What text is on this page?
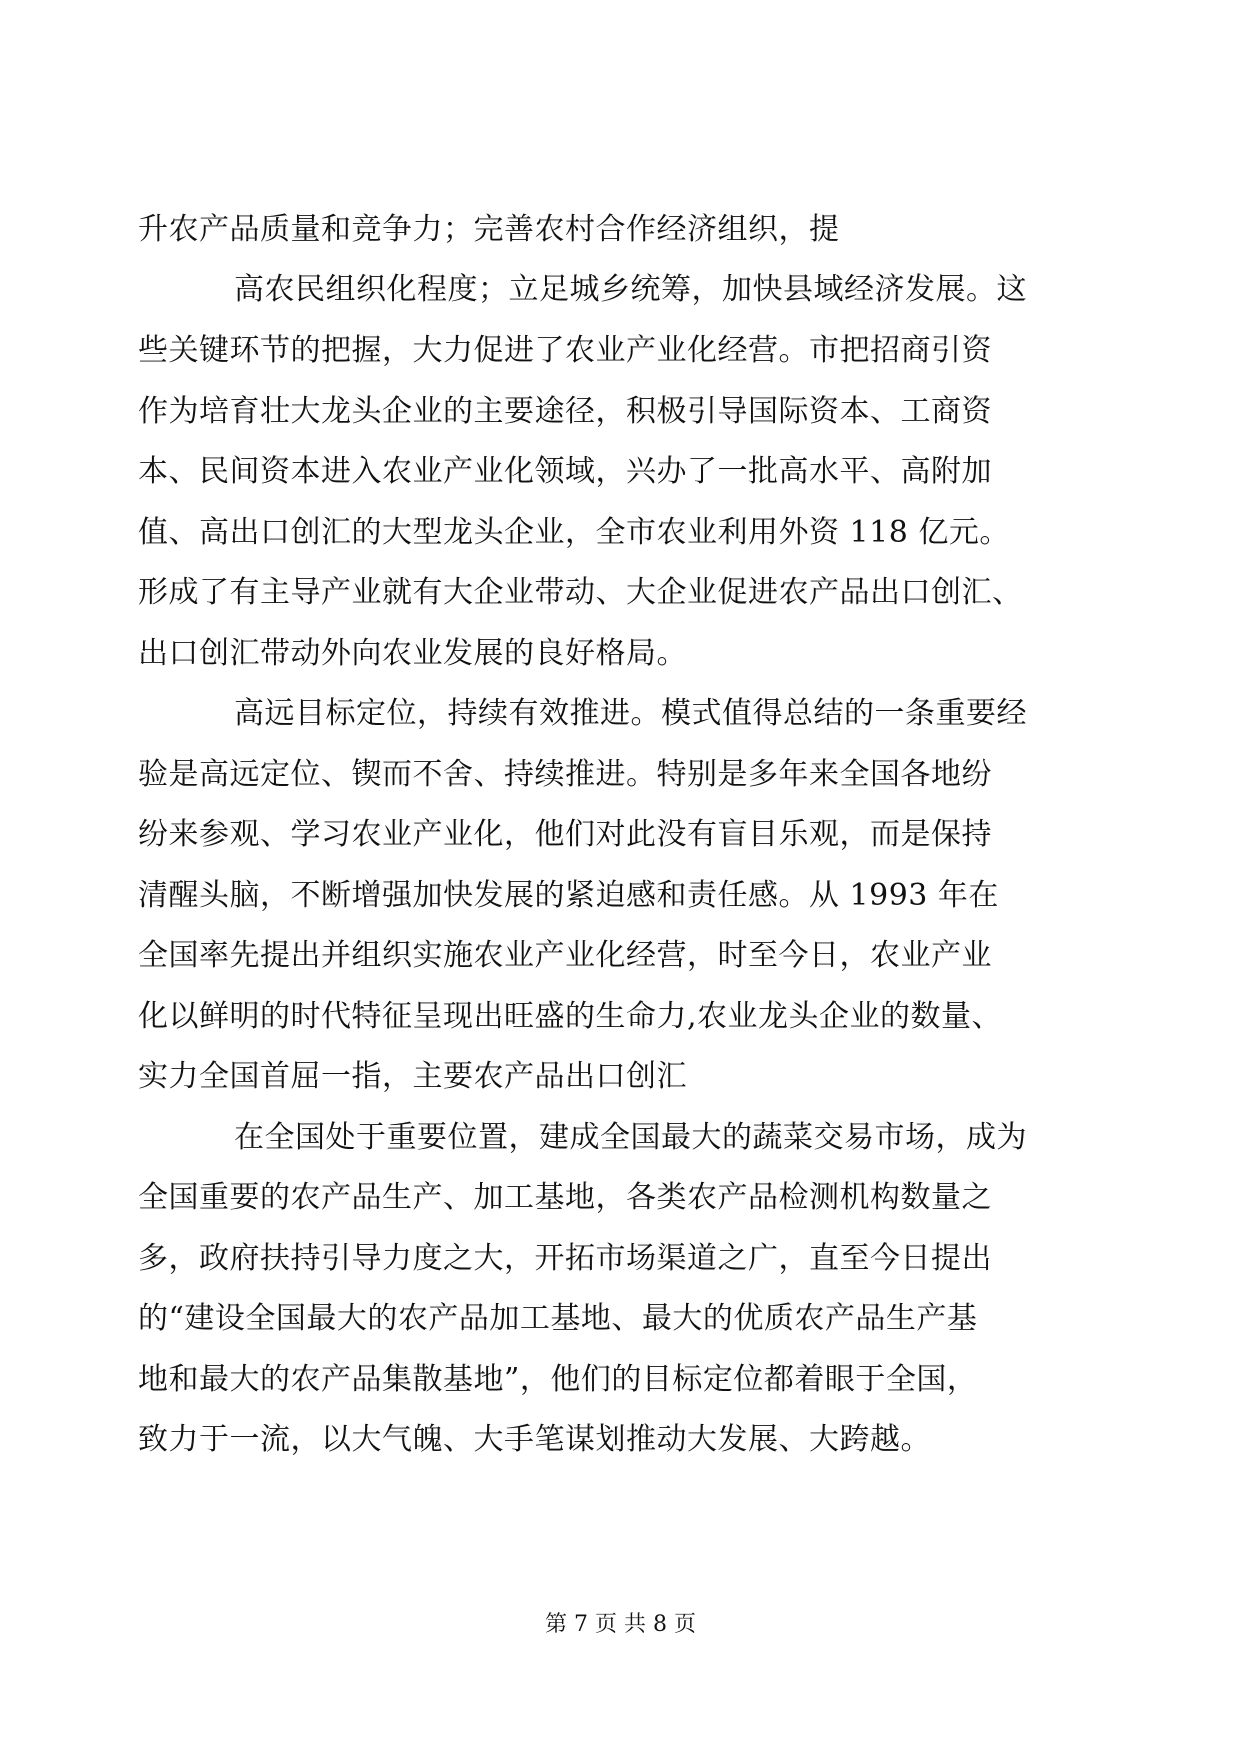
升农产品质量和竞争力；完善农村合作经济组织，提

高农民组织化程度；立足城乡统筹，加快县域经济发展。这

些关键环节的把握，大力促进了农业产业化经营。市把招商引资

作为培育壮大龙头企业的主要途径，积极引导国际资本、工商资

本、民间资本进入农业产业化领域，兴办了一批高水平、高附加

值、高出口创汇的大型龙头企业，全市农业利用外资 118 亿元。

形成了有主导产业就有大企业带动、大企业促进农产品出口创汇、

出口创汇带动外向农业发展的良好格局。

高远目标定位，持续有效推进。模式值得总结的一条重要经

验是高远定位、锲而不舍、持续推进。特别是多年来全国各地纷

纷来参观、学习农业产业化，他们对此没有盲目乐观，而是保持

清醒头脑，不断增强加快发展的紧迫感和责任感。从 1993 年在

全国率先提出并组织实施农业产业化经营，时至今日，农业产业

化以鲜明的时代特征呈现出旺盛的生命力,农业龙头企业的数量、

实力全国首屈一指，主要农产品出口创汇

在全国处于重要位置，建成全国最大的蔬菜交易市场，成为

全国重要的农产品生产、加工基地，各类农产品检测机构数量之

多，政府扶持引导力度之大，开拓市场渠道之广，直至今日提出

的“建设全国最大的农产品加工基地、最大的优质农产品生产基

地和最大的农产品集散基地”，他们的目标定位都着眼于全国，

致力于一流，以大气魄、大手笔谋划推动大发展、大跨越。

第 7 页 共 8 页
